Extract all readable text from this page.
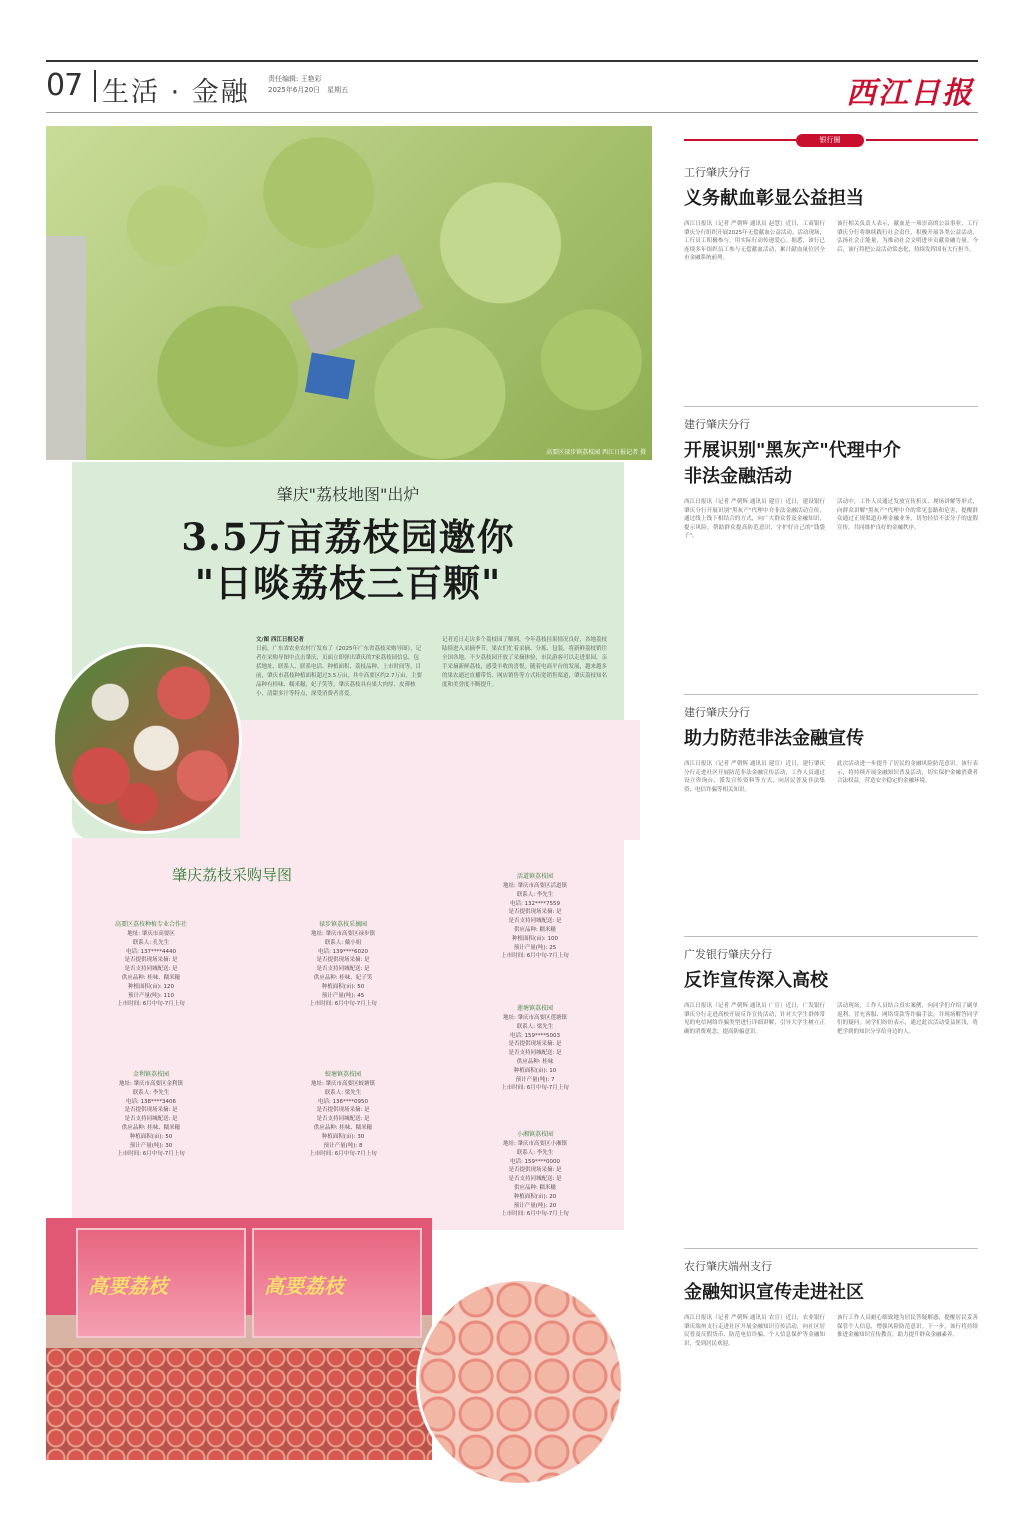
07 生活 · 金融	责任编辑: 王艳彩
2025年6月20日　星期五	西江日报
高要区禄步镇荔枝园 西江日报记者 摄
肇庆"荔枝地图"出炉
3.5万亩荔枝园邀你
"日啖荔枝三百颗"
文/图 西江日报记者
日前，广东省农业农村厅发布了《2025年广东省荔枝采购导图》，记者在采购导图中点击肇庆，页面立即弹出肇庆的7家荔枝园信息，包括地址、联系人、联系电话、种植面积、荔枝品种、上市时间等。目前，肇庆市荔枝种植面积超过3.5万亩，其中高要区约2.7万亩，主要品种有桂味、糯米糍、妃子笑等。肇庆荔枝具有果大肉厚、皮薄核小、清甜多汁等特点，深受消费者喜爱。
记者近日走访多个荔枝园了解到，今年荔枝挂果情况良好，各地荔枝陆续进入采摘季节，果农们忙着采摘、分拣、包装，将新鲜荔枝销往全国各地。不少荔枝园开放了采摘体验，市民游客可以走进果园，亲手采摘新鲜荔枝，感受丰收的喜悦。随着电商平台的发展，越来越多的果农通过直播带货、网店销售等方式拓宽销售渠道，肇庆荔枝知名度和美誉度不断提升。
肇庆荔枝采购导图
高要区荔枝种植专业合作社
地址: 肇庆市高要区
联系人: 孔先生
电话: 137****4440
是否提供现场采摘: 是
是否支持同城配送: 是
供应品种: 桂味、糯米糍
种植面积(亩): 120
预计产量(吨): 110
上市时间: 6月中旬-7月上旬
禄步镇荔枝采摘园
地址: 肇庆市高要区禄步镇
联系人: 戴小姐
电话: 139****6020
是否提供现场采摘: 是
是否支持同城配送: 是
供应品种: 桂味、妃子笑
种植面积(亩): 50
预计产量(吨): 45
上市时间: 6月中旬-7月上旬
活道镇荔枝园
地址: 肇庆市高要区活道镇
联系人: 李先生
电话: 132****7559
是否提供现场采摘: 是
是否支持同城配送: 是
供应品种: 糯米糍
种植面积(亩): 100
预计产量(吨): 25
上市时间: 6月中旬-7月上旬
金利镇荔枝园
地址: 肇庆市高要区金利镇
联系人: 李先生
电话: 138****3406
是否提供现场采摘: 是
是否支持同城配送: 是
供应品种: 桂味、糯米糍
种植面积(亩): 50
预计产量(吨): 30
上市时间: 6月中旬-7月上旬
蛟塘镇荔枝园
地址: 肇庆市高要区蛟塘镇
联系人: 梁先生
电话: 136****0950
是否提供现场采摘: 是
是否支持同城配送: 是
供应品种: 桂味、糯米糍
种植面积(亩): 30
预计产量(吨): 8
上市时间: 6月中旬-7月上旬
莲塘镇荔枝园
地址: 肇庆市高要区莲塘镇
联系人: 梁先生
电话: 159****5003
是否提供现场采摘: 是
是否支持同城配送: 是
供应品种: 桂味
种植面积(亩): 10
预计产量(吨): 7
上市时间: 6月中旬-7月上旬
小湘镇荔枝园
地址: 肇庆市高要区小湘镇
联系人: 李先生
电话: 159****0000
是否提供现场采摘: 是
是否支持同城配送: 是
供应品种: 糯米糍
种植面积(亩): 20
预计产量(吨): 20
上市时间: 6月中旬-7月上旬
高要荔枝	高要荔枝
银行圈
工行肇庆分行
义务献血彰显公益担当
西江日报讯（记者 严朝辉 通讯员 赵慧）近日，工商银行肇庆分行组织开展2025年无偿献血公益活动。活动现场，工行员工积极参与，用实际行动传递爱心。据悉，该行已连续多年组织员工参与无偿献血活动，累计献血量位居全市金融系统前列。
该行相关负责人表示，献血是一项崇高的公益事业，工行肇庆分行将继续践行社会责任，积极开展各类公益活动，弘扬社会正能量，为推动社会文明进步贡献金融力量。今后，该行将把公益活动常态化，持续发挥国有大行担当。
建行肇庆分行
开展识别"黑灰产"代理中介
非法金融活动
西江日报讯（记者 严朝辉 通讯员 建宣）近日，建设银行肇庆分行开展识别"黑灰产"代理中介非法金融活动宣传，通过线上线下相结合的方式，向广大群众普及金融知识，提示风险，帮助群众提高防范意识，守护好自己的"钱袋子"。
活动中，工作人员通过发放宣传折页、现场讲解等形式，向群众讲解"黑灰产"代理中介的常见套路和危害，提醒群众通过正规渠道办理金融业务，切勿轻信不法分子的虚假宣传，共同维护良好的金融秩序。
建行肇庆分行
助力防范非法金融宣传
西江日报讯（记者 严朝辉 通讯员 建宣）近日，建行肇庆分行走进社区开展防范非法金融宣传活动，工作人员通过设立咨询台、派发宣传资料等方式，向居民普及非法集资、电信诈骗等相关知识。
此次活动进一步提升了居民的金融风险防范意识。该行表示，将持续开展金融知识普及活动，切实保护金融消费者合法权益，营造安全稳定的金融环境。
广发银行肇庆分行
反诈宣传深入高校
西江日报讯（记者 严朝辉 通讯员 广宣）近日，广发银行肇庆分行走进高校开展反诈宣传活动，针对大学生群体常见的电信网络诈骗类型进行详细讲解，引导大学生树立正确的消费观念，提高防骗意识。
活动现场，工作人员结合真实案例，向同学们介绍了刷单返利、冒充客服、网络贷款等诈骗手法，并现场解答同学们的疑问。同学们纷纷表示，通过此次活动受益匪浅，将把学到的知识分享给身边的人。
农行肇庆端州支行
金融知识宣传走进社区
西江日报讯（记者 严朝辉 通讯员 农宣）近日，农业银行肇庆端州支行走进社区开展金融知识宣传活动，向社区居民普及反假货币、防范电信诈骗、个人信息保护等金融知识，受到居民欢迎。
该行工作人员耐心细致地为居民答疑解惑，提醒居民妥善保管个人信息，增强风险防范意识。下一步，该行将持续推进金融知识宣传教育，助力提升群众金融素养。
